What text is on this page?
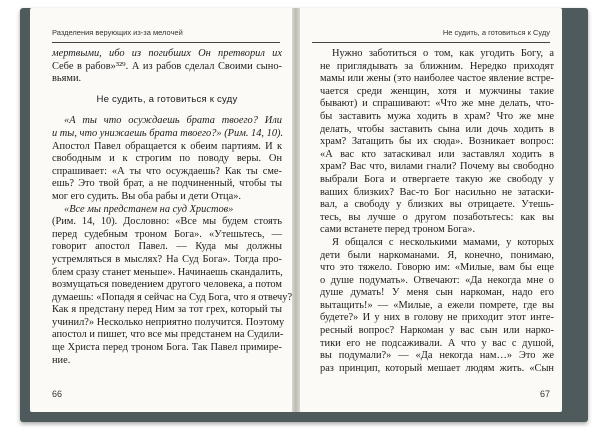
Разделения верующих из-за мелочей
мертвыми, ибо из погибших Он претворил их
Себе в рабов»³²⁹. А из рабов сделал Своими сыно-
вьями.
Не судить, а готовиться к суду
«А ты что осуждаешь брата твоего? Или
и ты, что унижаешь брата твоего?» (Рим. 14, 10).
Апостол Павел обращается к обеим партиям. И к
свободным и к строгим по поводу веры. Он
спрашивает: «А ты что осуждаешь? Как ты сме-
ешь? Это твой брат, а не подчиненный, чтобы ты
мог его судить. Вы оба рабы и дети Отца».
«Все мы предстанем на суд Христов»
(Рим. 14, 10). Дословно: «Все мы будем стоять
перед судебным троном Бога». «Утешьтесь, —
говорит апостол Павел. — Куда мы должны
устремляться в мыслях? На Суд Бога». Тогда про-
блем сразу станет меньше». Начинаешь скандалить,
возмущаться поведением другого человека, а потом
думаешь: «Попадя я сейчас на Суд Бога, что я отвечу?
Как я предстану перед Ним за тот грех, который ты
учинил?» Несколько неприятно получится. Поэтому
апостол и пишет, что все мы предстанем на Судили-
ще Христа перед троном Бога. Так Павел примире-
ние.
66
Не судить, а готовиться к Суду
Нужно заботиться о том, как угодить Богу, а
не приглядывать за ближним. Нередко приходят
мамы или жены (это наиболее частое явление встре-
чается среди женщин, хотя и мужчины такие
бывают) и спрашивают: «Что же мне делать, что-
бы заставить мужа ходить в храм? Что же мне
делать, чтобы заставить сына или дочь ходить в
храм? Затащить бы их сюда». Возникает вопрос:
«А вас кто затаскивал или заставлял ходить в
храм? Вас что, вилами гнали? Почему вы свободно
выбрали Бога и отвергаете такую же свободу у
ваших близких? Вас-то Бог насильно не затаски-
вал, а свободу у близких вы отрицаете. Утешь-
тесь, вы лучше о другом позаботьтесь: как вы
сами встанете перед троном Бога».
Я общался с несколькими мамами, у которых
дети были наркоманами. Я, конечно, понимаю,
что это тяжело. Говорю им: «Милые, вам бы еще
о душе подумать». Отвечают: «Да некогда мне о
душе думать! У меня сын наркоман, надо его
вытащить!» — «Милые, а ежели помрете, где вы
будете?» И у них в голову не приходит этот инте-
ресный вопрос? Наркоман у вас сын или нарко-
тики его не подсаживали. А что у вас с душой,
вы подумали?» — «Да некогда нам…» Это же
раз принцип, который мешает людям жить. «Сын
67
